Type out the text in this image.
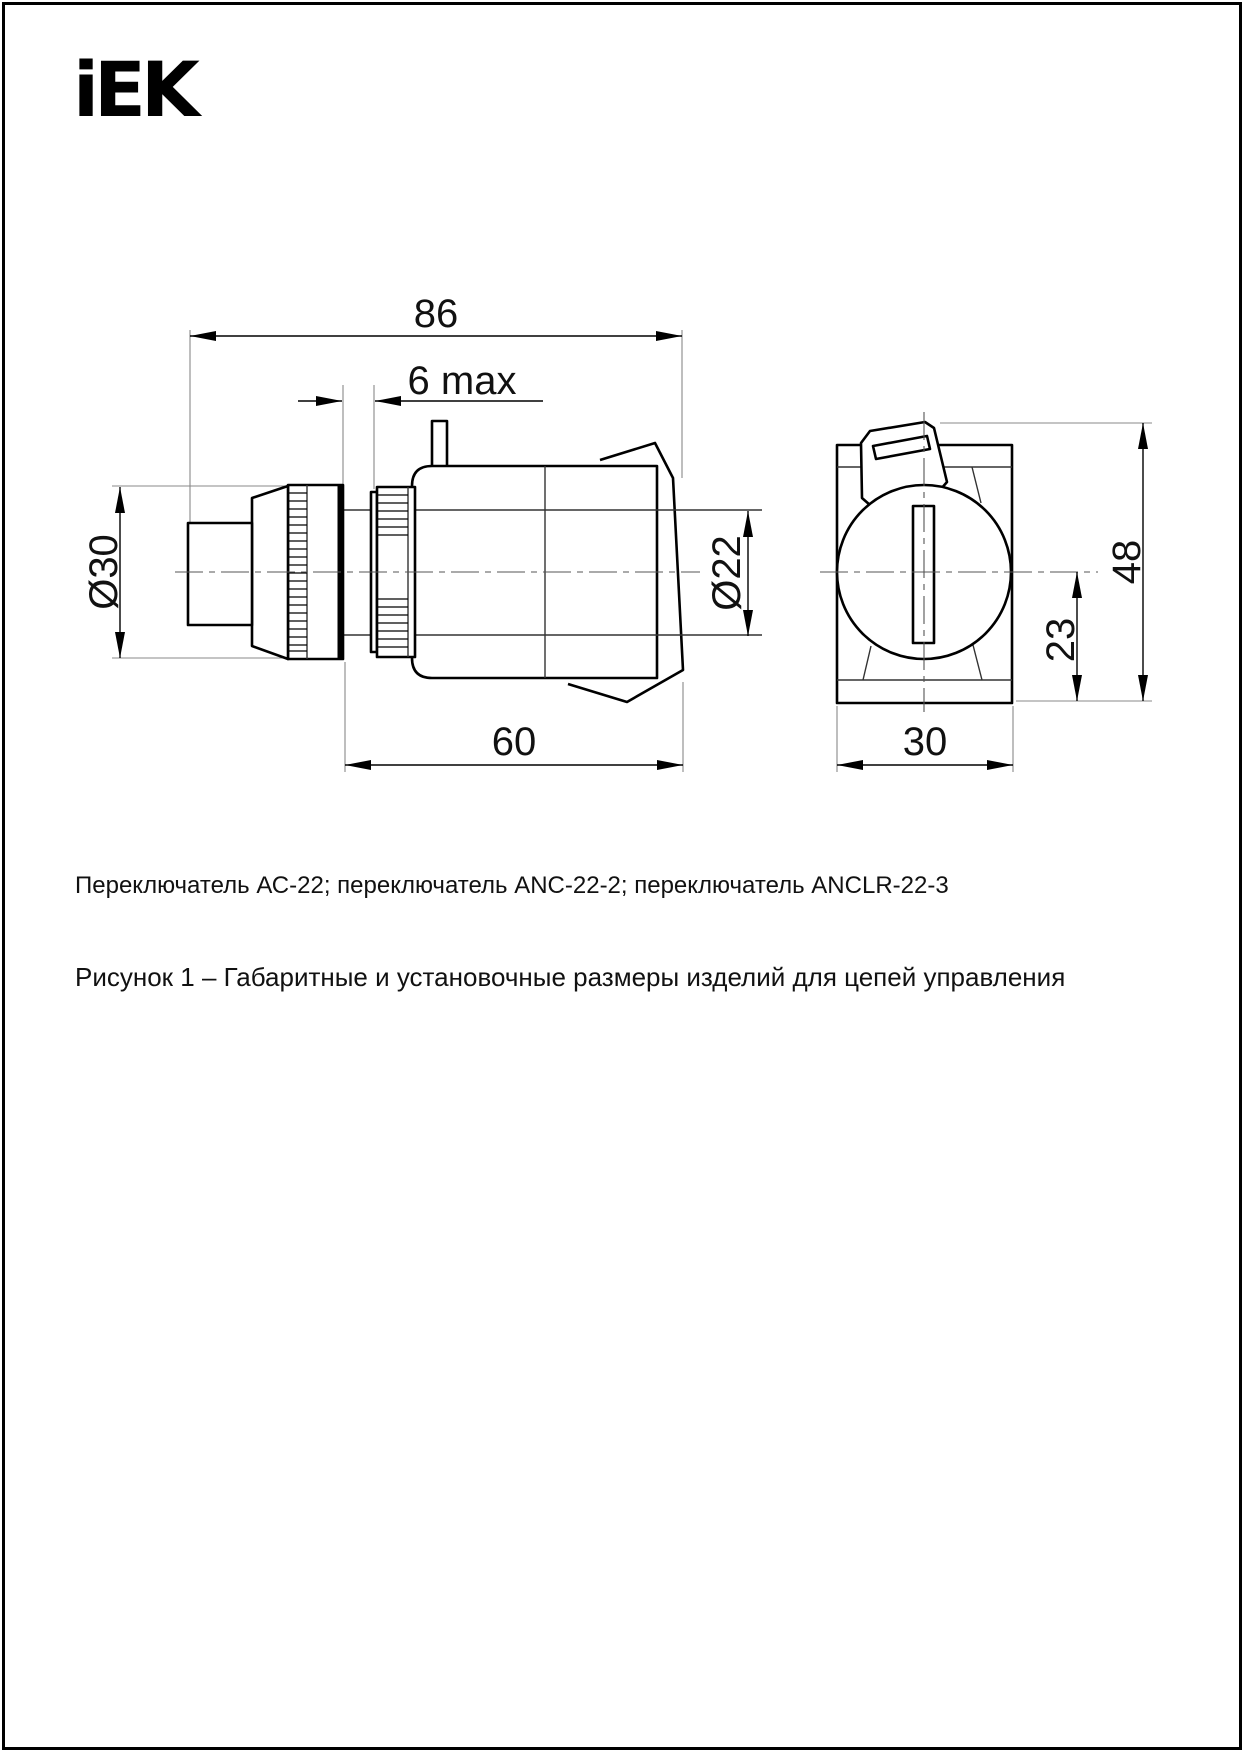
iEK
86
6 max
Ø30	Ø22
60
48
23
30
Переключатель АС-22; переключатель ANC-22-2; переключатель ANCLR-22-3
Рисунок 1 – Габаритные и установочные размеры изделий для цепей управления
